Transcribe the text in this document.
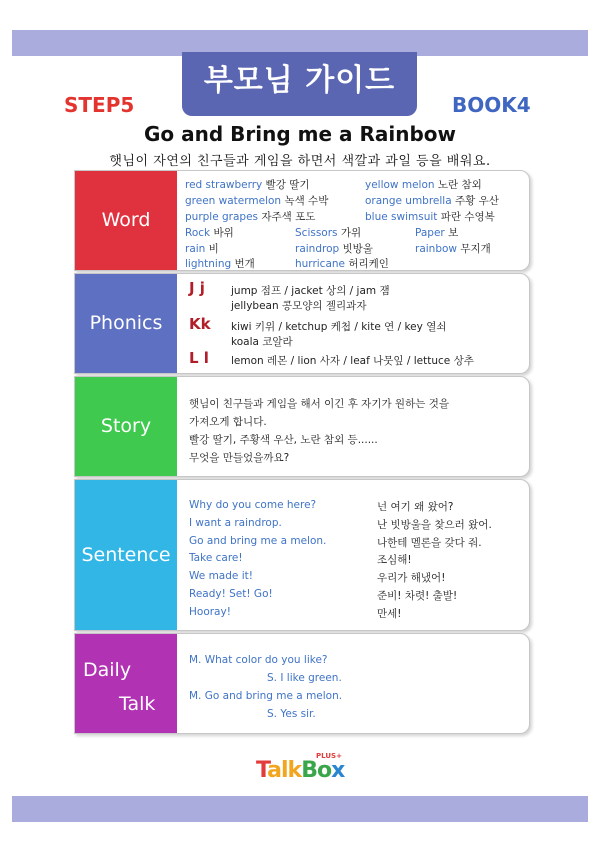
부모님 가이드
STEP5	BOOK4
Go and Bring me a Rainbow
햇님이 자연의 친구들과 게임을 하면서 색깔과 과일 등을 배워요.
Word
red strawberry 빨강 딸기	yellow melon 노란 참외
green watermelon 녹색 수박	orange umbrella 주황 우산
purple grapes 자주색 포도	blue swimsuit 파란 수영복
Rock 바위	Scissors 가위	Paper 보
rain 비	raindrop 빗방울	rainbow 무지개
lightning 번개	hurricane 허리케인
Phonics
J j jump 점프 / jacket 상의 / jam 잼
jellybean 콩모양의 젤리과자
Kk kiwi 키위 / ketchup 케첩 / kite 연 / key 열쇠
koala 코알라
L l lemon 레몬 / lion 사자 / leaf 나뭇잎 / lettuce 상추
Story
햇님이 친구들과 게임을 해서 이긴 후 자기가 원하는 것을
가져오게 합니다.
빨강 딸기, 주황색 우산, 노란 참외 등......
무엇을 만들었을까요?
Sentence
Why do you come here?	넌 여기 왜 왔어?
I want a raindrop.	난 빗방울을 찾으러 왔어.
Go and bring me a melon.	나한테 멜론을 갖다 줘.
Take care!	조심해!
We made it!	우리가 해냈어!
Ready! Set! Go!	준비! 차렷! 출발!
Hooray!	만세!
Daily
Talk
M. What color do you like?
S. I like green.
M. Go and bring me a melon.
S. Yes sir.
PLUS+
TalkBox
